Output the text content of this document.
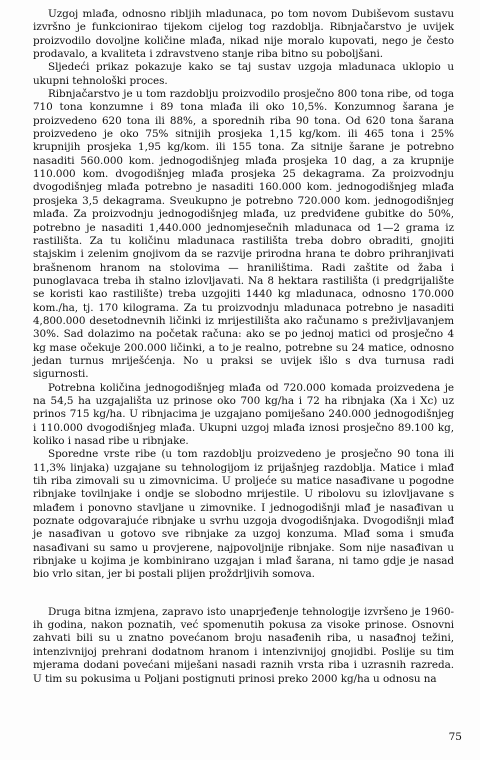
Uzgoj mlađa, odnosno ribljih mladunaca, po tom novom Dubiševom sustavu izvršno je funkcionirao tijekom cijelog tog razdoblja. Ribnjačarstvo je uvijek proizvodilo dovoljne količine mlađa, nikad nije moralo kupovati, nego je često prodavalo, a kvaliteta i zdravstveno stanje riba bitno su poboljšani.

Sljedeći prikaz pokazuje kako se taj sustav uzgoja mladunaca uklopio u ukupni tehnološki proces.

Ribnjačarstvo je u tom razdoblju proizvodilo prosječno 800 tona ribe, od toga 710 tona konzumne i 89 tona mlađa ili oko 10,5%. Konzumnog šarana je proizvedeno 620 tona ili 88%, a sporednih riba 90 tona. Od 620 tona šarana proizvedeno je oko 75% sitnijih prosjeka 1,15 kg/kom. ili 465 tona i 25% krupnijih prosjeka 1,95 kg/kom. ili 155 tona. Za sitnije šarane je potrebno nasaditi 560.000 kom. jednogodišnjeg mlađa prosjeka 10 dag, a za krupnije 110.000 kom. dvogodišnjeg mlađa prosjeka 25 dekagrama. Za proizvodnju dvogodišnjeg mlađa potrebno je nasaditi 160.000 kom. jednogodišnjeg mlađa prosjeka 3,5 dekagrama. Sveukupno je potrebno 720.000 kom. jednogodišnjeg mlađa. Za proizvodnju jednogodišnjeg mlađa, uz predviđene gubitke do 50%, potrebno je nasaditi 1,440.000 jednomjesečnih mladunaca od 1—2 grama iz rastilišta. Za tu količinu mladunaca rastilišta treba dobro obraditi, gnojiti stajskim i zelenim gnojivom da se razvije prirodna hrana te dobro prihranjivati brašnenom hranom na stolovima — hranilištima. Radi zaštite od žaba i punoglavaca treba ih stalno izlovljavati. Na 8 hektara rastilišta (i predgrijalište se koristi kao rastilište) treba uzgojiti 1440 kg mladunaca, odnosno 170.000 kom./ha, tj. 170 kilograma. Za tu proizvodnju mladunaca potrebno je nasaditi 4,800.000 desetodnevnih ličinki iz mrijestilišta ako računamo s preživljavanjem 30%. Sad dolazimo na početak računa: ako se po jednoj matici od prosječno 4 kg mase očekuje 200.000 ličinki, a to je realno, potrebne su 24 matice, odnosno jedan turnus mriješćenja. No u praksi se uvijek išlo s dva turnusa radi sigurnosti.

Potrebna količina jednogodišnjeg mlađa od 720.000 komada proizvedena je na 54,5 ha uzgajališta uz prinose oko 700 kg/ha i 72 ha ribnjaka (Xa i Xc) uz prinos 715 kg/ha. U ribnjacima je uzgajano pomiješano 240.000 jednogodišnjeg i 110.000 dvogodišnjeg mlađa. Ukupni uzgoj mlađa iznosi prosječno 89.100 kg, koliko i nasad ribe u ribnjake.

Sporedne vrste ribe (u tom razdoblju proizvedeno je prosječno 90 tona ili 11,3% linjaka) uzgajane su tehnologijom iz prijašnjeg razdoblja. Matice i mlađ tih riba zimovali su u zimovnicima. U proljeće su matice nasađivane u pogodne ribnjake tovilnjake i ondje se slobodno mrijestile. U ribolovu su izlovljavane s mlađem i ponovno stavljane u zimovnike. I jednogodišnji mlađ je nasađivan u poznate odgovarajuće ribnjake u svrhu uzgoja dvogodišnjaka. Dvogodišnji mlađ je nasađivan u gotovo sve ribnjake za uzgoj konzuma. Mlađ soma i smuđa nasađivani su samo u provjerene, najpovoljnije ribnjake. Som nije nasađivan u ribnjake u kojima je kombinirano uzgajan i mlađ šarana, ni tamo gdje je nasad bio vrlo sitan, jer bi postali plijen proždrljivih somova.

Druga bitna izmjena, zapravo isto unaprjeđenje tehnologije izvršeno je 1960-ih godina, nakon poznatih, već spomenutih pokusa za visoke prinose. Osnovni zahvati bili su u znatno povećanom broju nasađenih riba, u nasađnoj težini, intenzivnijoj prehrani dodatnom hranom i intenzivnijoj gnojidbi. Poslije su tim mjerama dodani povećani miješani nasadi raznih vrsta riba i uzrasnih razreda. U tim su pokusima u Poljani postignuti prinosi preko 2000 kg/ha u odnosu na

75
